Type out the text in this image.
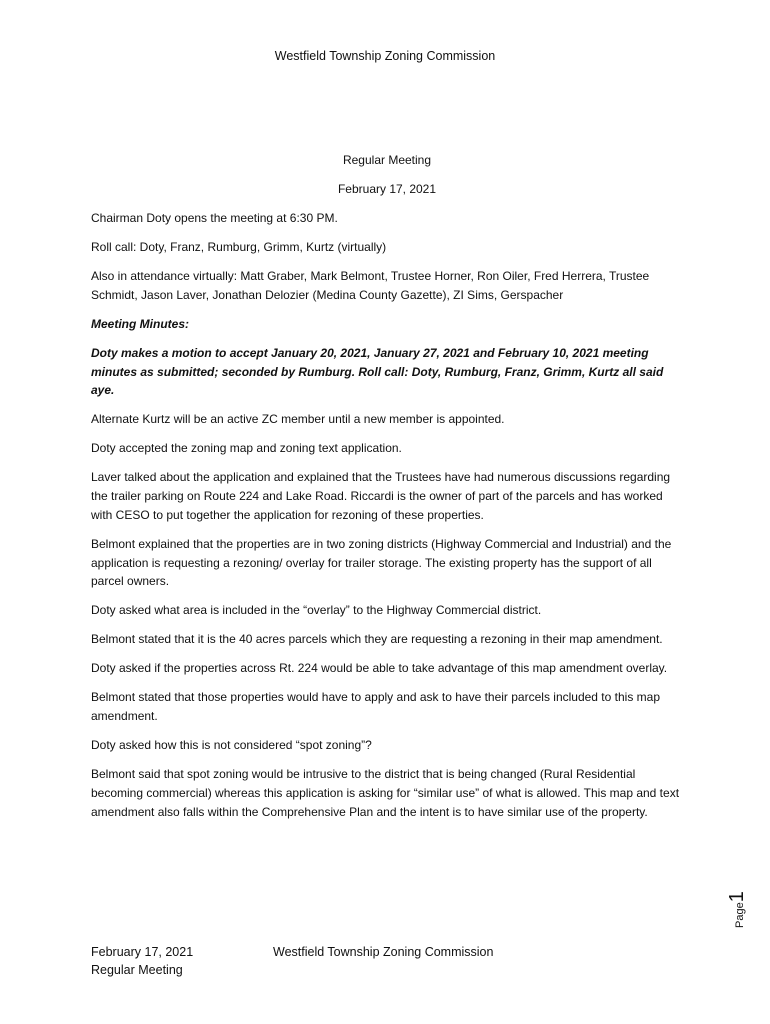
Westfield Township Zoning Commission

Regular Meeting

February 17, 2021

Chairman Doty opens the meeting at 6:30 PM.

Roll call: Doty, Franz, Rumburg, Grimm, Kurtz (virtually)

Also in attendance virtually: Matt Graber, Mark Belmont, Trustee Horner, Ron Oiler, Fred Herrera, Trustee Schmidt, Jason Laver, Jonathan Delozier (Medina County Gazette), ZI Sims, Gerspacher

Meeting Minutes:

Doty makes a motion to accept January 20, 2021, January 27, 2021 and February 10, 2021 meeting minutes as submitted; seconded by Rumburg. Roll call: Doty, Rumburg, Franz, Grimm, Kurtz all said aye.

Alternate Kurtz will be an active ZC member until a new member is appointed.

Doty accepted the zoning map and zoning text application.

Laver talked about the application and explained that the Trustees have had numerous discussions regarding the trailer parking on Route 224 and Lake Road. Riccardi is the owner of part of the parcels and has worked with CESO to put together the application for rezoning of these properties.

Belmont explained that the properties are in two zoning districts (Highway Commercial and Industrial) and the application is requesting a rezoning/ overlay for trailer storage. The existing property has the support of all parcel owners.

Doty asked what area is included in the “overlay” to the Highway Commercial district.

Belmont stated that it is the 40 acres parcels which they are requesting a rezoning in their map amendment.

Doty asked if the properties across Rt. 224 would be able to take advantage of this map amendment overlay.

Belmont stated that those properties would have to apply and ask to have their parcels included to this map amendment.

Doty asked how this is not considered “spot zoning”?

Belmont said that spot zoning would be intrusive to the district that is being changed (Rural Residential becoming commercial) whereas this application is asking for “similar use” of what is allowed. This map and text amendment also falls within the Comprehensive Plan and the intent is to have similar use of the property.

Page1
February 17, 2021
Regular Meeting
Westfield Township Zoning Commission
